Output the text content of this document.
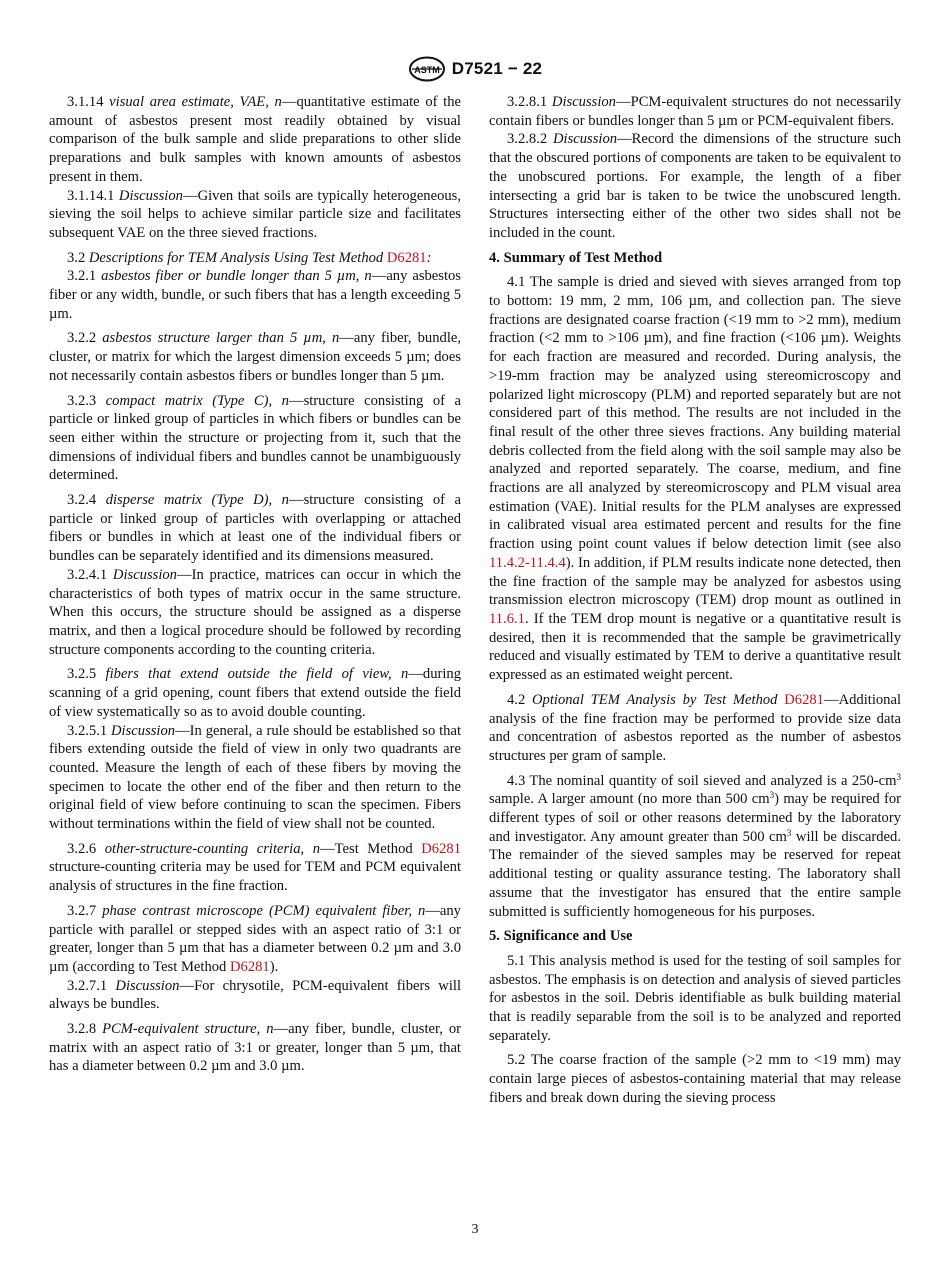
ASTM D7521 − 22

3.1.14 visual area estimate, VAE, n—quantitative estimate of the amount of asbestos present most readily obtained by visual comparison of the bulk sample and slide preparations to other slide preparations and bulk samples with known amounts of asbestos present in them.

3.1.14.1 Discussion—Given that soils are typically heterogeneous, sieving the soil helps to achieve similar particle size and facilitates subsequent VAE on the three sieved fractions.

3.2 Descriptions for TEM Analysis Using Test Method D6281:

3.2.1 asbestos fiber or bundle longer than 5 µm, n—any asbestos fiber or any width, bundle, or such fibers that has a length exceeding 5 µm.

3.2.2 asbestos structure larger than 5 µm, n—any fiber, bundle, cluster, or matrix for which the largest dimension exceeds 5 µm; does not necessarily contain asbestos fibers or bundles longer than 5 µm.

3.2.3 compact matrix (Type C), n—structure consisting of a particle or linked group of particles in which fibers or bundles can be seen either within the structure or projecting from it, such that the dimensions of individual fibers and bundles cannot be unambiguously determined.

3.2.4 disperse matrix (Type D), n—structure consisting of a particle or linked group of particles with overlapping or attached fibers or bundles in which at least one of the individual fibers or bundles can be separately identified and its dimensions measured.

3.2.4.1 Discussion—In practice, matrices can occur in which the characteristics of both types of matrix occur in the same structure. When this occurs, the structure should be assigned as a disperse matrix, and then a logical procedure should be followed by recording structure components according to the counting criteria.

3.2.5 fibers that extend outside the field of view, n—during scanning of a grid opening, count fibers that extend outside the field of view systematically so as to avoid double counting.

3.2.5.1 Discussion—In general, a rule should be established so that fibers extending outside the field of view in only two quadrants are counted. Measure the length of each of these fibers by moving the specimen to locate the other end of the fiber and then return to the original field of view before continuing to scan the specimen. Fibers without terminations within the field of view shall not be counted.

3.2.6 other-structure-counting criteria, n—Test Method D6281 structure-counting criteria may be used for TEM and PCM equivalent analysis of structures in the fine fraction.

3.2.7 phase contrast microscope (PCM) equivalent fiber, n—any particle with parallel or stepped sides with an aspect ratio of 3:1 or greater, longer than 5 µm that has a diameter between 0.2 µm and 3.0 µm (according to Test Method D6281).

3.2.7.1 Discussion—For chrysotile, PCM-equivalent fibers will always be bundles.

3.2.8 PCM-equivalent structure, n—any fiber, bundle, cluster, or matrix with an aspect ratio of 3:1 or greater, longer than 5 µm, that has a diameter between 0.2 µm and 3.0 µm.

3.2.8.1 Discussion—PCM-equivalent structures do not necessarily contain fibers or bundles longer than 5 µm or PCM-equivalent fibers.

3.2.8.2 Discussion—Record the dimensions of the structure such that the obscured portions of components are taken to be equivalent to the unobscured portions. For example, the length of a fiber intersecting a grid bar is taken to be twice the unobscured length. Structures intersecting either of the other two sides shall not be included in the count.

4. Summary of Test Method

4.1 The sample is dried and sieved with sieves arranged from top to bottom: 19 mm, 2 mm, 106 µm, and collection pan. The sieve fractions are designated coarse fraction (<19 mm to >2 mm), medium fraction (<2 mm to >106 µm), and fine fraction (<106 µm). Weights for each fraction are measured and recorded. During analysis, the >19-mm fraction may be analyzed using stereomicroscopy and polarized light microscopy (PLM) and reported separately but are not considered part of this method. The results are not included in the final result of the other three sieves fractions. Any building material debris collected from the field along with the soil sample may also be analyzed and reported separately. The coarse, medium, and fine fractions are all analyzed by stereomicroscopy and PLM visual area estimation (VAE). Initial results for the PLM analyses are expressed in calibrated visual area estimated percent and results for the fine fraction using point count values if below detection limit (see also 11.4.2-11.4.4). In addition, if PLM results indicate none detected, then the fine fraction of the sample may be analyzed for asbestos using transmission electron microscopy (TEM) drop mount as outlined in 11.6.1. If the TEM drop mount is negative or a quantitative result is desired, then it is recommended that the sample be gravimetrically reduced and visually estimated by TEM to derive a quantitative result expressed as an estimated weight percent.

4.2 Optional TEM Analysis by Test Method D6281—Additional analysis of the fine fraction may be performed to provide size data and concentration of asbestos reported as the number of asbestos structures per gram of sample.

4.3 The nominal quantity of soil sieved and analyzed is a $250-cm^3$ sample. A larger amount (no more than 500 $cm^3$) may be required for different types of soil or other reasons determined by the laboratory and investigator. Any amount greater than 500 $cm^3$ will be discarded. The remainder of the sieved samples may be reserved for repeat additional testing or quality assurance testing. The laboratory shall assume that the investigator has ensured that the entire sample submitted is sufficiently homogeneous for his purposes.

5. Significance and Use

5.1 This analysis method is used for the testing of soil samples for asbestos. The emphasis is on detection and analysis of sieved particles for asbestos in the soil. Debris identifiable as bulk building material that is readily separable from the soil is to be analyzed and reported separately.

5.2 The coarse fraction of the sample (>2 mm to <19 mm) may contain large pieces of asbestos-containing material that may release fibers and break down during the sieving process

3
